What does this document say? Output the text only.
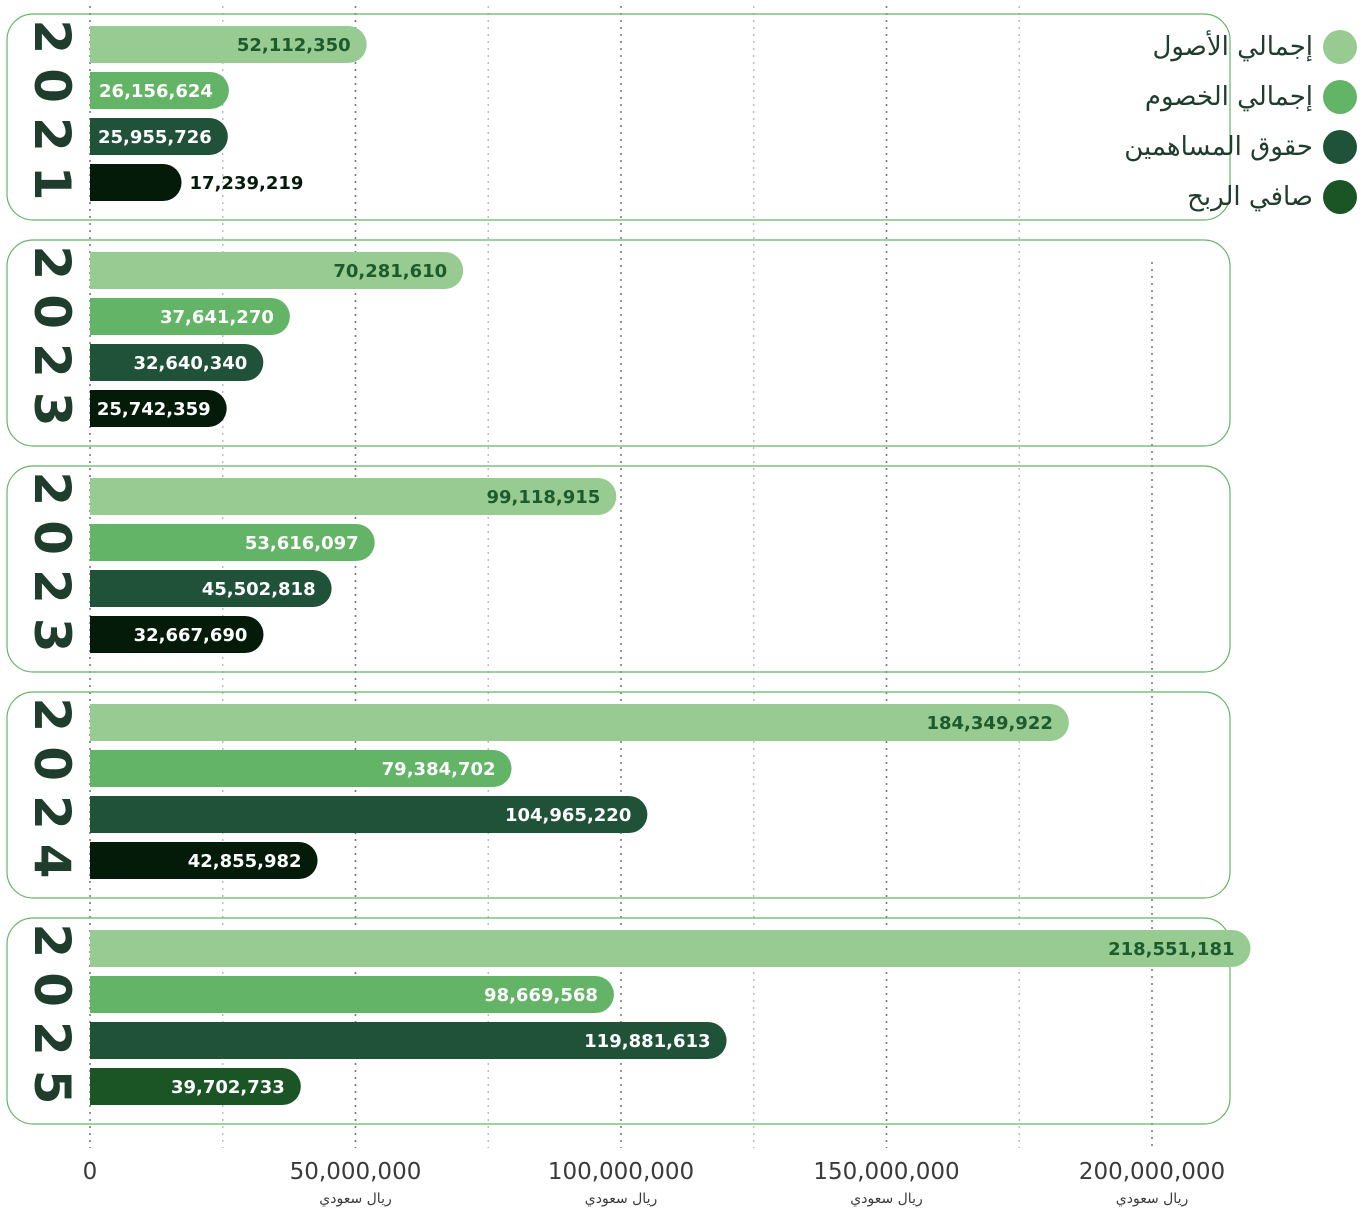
2021
2023
2023
2024
2025
52,112,350
26,156,624
25,955,726
17,239,219
70,281,610
37,641,270
32,640,340
25,742,359
99,118,915
53,616,097
45,502,818
32,667,690
184,349,922
79,384,702
104,965,220
42,855,982
218,551,181
98,669,568
119,881,613
39,702,733
0	50,000,000
ريال سعودي
100,000,000
ريال سعودي
150,000,000
ريال سعودي
200,000,000
ريال سعودي
إجمالي الأصول
إجمالي الخصوم
حقوق المساهمين
صافي الربح
